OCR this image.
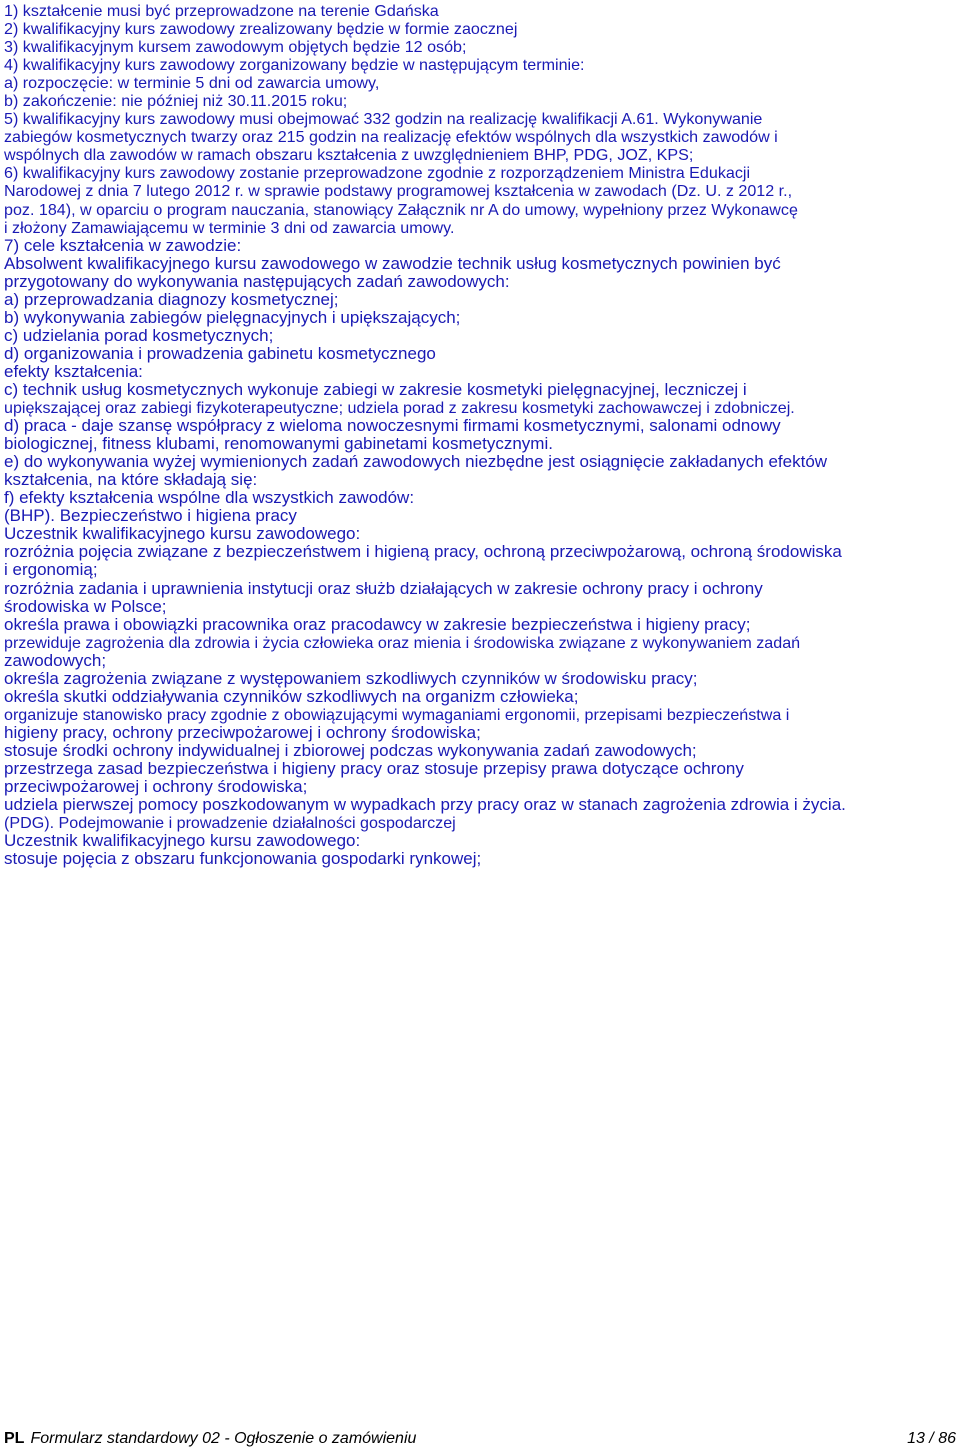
1) kształcenie musi być przeprowadzone na terenie Gdańska
2) kwalifikacyjny kurs zawodowy zrealizowany będzie w formie zaocznej
3) kwalifikacyjnym kursem zawodowym objętych będzie 12 osób;
4) kwalifikacyjny kurs zawodowy zorganizowany będzie w następującym terminie:
a) rozpoczęcie: w terminie 5 dni od zawarcia umowy,
b) zakończenie: nie później niż 30.11.2015 roku;
5) kwalifikacyjny kurs zawodowy musi obejmować 332 godzin na realizację kwalifikacji A.61. Wykonywanie
zabiegów kosmetycznych twarzy oraz 215 godzin na realizację efektów wspólnych dla wszystkich zawodów i
wspólnych dla zawodów w ramach obszaru kształcenia z uwzględnieniem BHP, PDG, JOZ, KPS;
6) kwalifikacyjny kurs zawodowy zostanie przeprowadzone zgodnie z rozporządzeniem Ministra Edukacji
Narodowej z dnia 7 lutego 2012 r. w sprawie podstawy programowej kształcenia w zawodach (Dz. U. z 2012 r.,
poz. 184), w oparciu o program nauczania, stanowiący Załącznik nr A do umowy, wypełniony przez Wykonawcę
i złożony Zamawiającemu w terminie 3 dni od zawarcia umowy.
7) cele kształcenia w zawodzie:
Absolwent kwalifikacyjnego kursu zawodowego w zawodzie technik usług kosmetycznych powinien być
przygotowany do wykonywania następujących zadań zawodowych:
a) przeprowadzania diagnozy kosmetycznej;
b) wykonywania zabiegów pielęgnacyjnych i upiększających;
c) udzielania porad kosmetycznych;
d) organizowania i prowadzenia gabinetu kosmetycznego
efekty kształcenia:
c) technik usług kosmetycznych wykonuje zabiegi w zakresie kosmetyki pielęgnacyjnej, leczniczej i
upiększającej oraz zabiegi fizykoterapeutyczne; udziela porad z zakresu kosmetyki zachowawczej i zdobniczej.
d) praca - daje szansę współpracy z wieloma nowoczesnymi firmami kosmetycznymi, salonami odnowy
biologicznej, fitness klubami, renomowanymi gabinetami kosmetycznymi.
e) do wykonywania wyżej wymienionych zadań zawodowych niezbędne jest osiągnięcie zakładanych efektów
kształcenia, na które składają się:
f) efekty kształcenia wspólne dla wszystkich zawodów:
(BHP). Bezpieczeństwo i higiena pracy
Uczestnik kwalifikacyjnego kursu zawodowego:
rozróżnia pojęcia związane z bezpieczeństwem i higieną pracy, ochroną przeciwpożarową, ochroną środowiska
i ergonomią;
rozróżnia zadania i uprawnienia instytucji oraz służb działających w zakresie ochrony pracy i ochrony
środowiska w Polsce;
określa prawa i obowiązki pracownika oraz pracodawcy w zakresie bezpieczeństwa i higieny pracy;
przewiduje zagrożenia dla zdrowia i życia człowieka oraz mienia i środowiska związane z wykonywaniem zadań
zawodowych;
określa zagrożenia związane z występowaniem szkodliwych czynników w środowisku pracy;
określa skutki oddziaływania czynników szkodliwych na organizm człowieka;
organizuje stanowisko pracy zgodnie z obowiązującymi wymaganiami ergonomii, przepisami bezpieczeństwa i
higieny pracy, ochrony przeciwpożarowej i ochrony środowiska;
stosuje środki ochrony indywidualnej i zbiorowej podczas wykonywania zadań zawodowych;
przestrzega zasad bezpieczeństwa i higieny pracy oraz stosuje przepisy prawa dotyczące ochrony
przeciwpożarowej i ochrony środowiska;
udziela pierwszej pomocy poszkodowanym w wypadkach przy pracy oraz w stanach zagrożenia zdrowia i życia.
(PDG). Podejmowanie i prowadzenie działalności gospodarczej
Uczestnik kwalifikacyjnego kursu zawodowego:
stosuje pojęcia z obszaru funkcjonowania gospodarki rynkowej;
PL Formularz standardowy 02 - Ogłoszenie o zamówieniu	13 / 86
